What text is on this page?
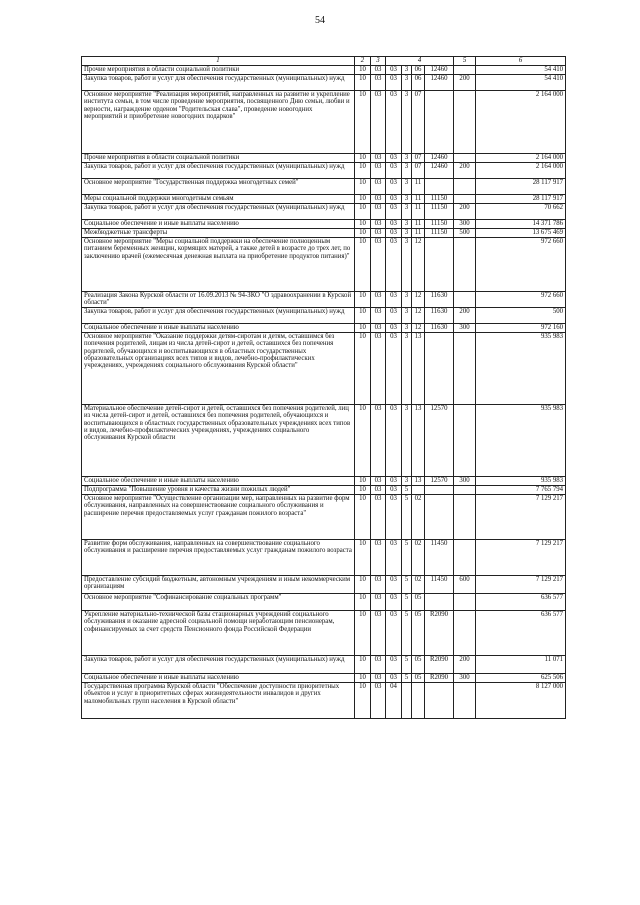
54
1	2	3	4				5	6
Прочие мероприятия в области социальной политики	10	03	03	3	06	12460		54 410
Закупка товаров, работ и услуг для обеспечения государственных (муниципальных) нужд	10	03	03	3	06	12460	200	54 410
Основное мероприятие "Реализация мероприятий, направленных на развитие и укрепление института семьи, в том числе проведение мероприятия, посвященного Дню семьи, любви и верности, награждение орденом "Родительская слава", проведение новогодних мероприятий и приобретение новогодних подарков"	10	03	03	3	07			2 164 000
Прочие мероприятия в области социальной политики	10	03	03	3	07	12460		2 164 000
Закупка товаров, работ и услуг для обеспечения государственных (муниципальных) нужд	10	03	03	3	07	12460	200	2 164 000
Основное мероприятие "Государственная поддержка многодетных семей"	10	03	03	3	11			28 117 917
Меры социальной поддержки многодетным семьям	10	03	03	3	11	11150		28 117 917
Закупка товаров, работ и услуг для обеспечения государственных (муниципальных) нужд	10	03	03	3	11	11150	200	70 662
Социальное обеспечение и иные выплаты населению	10	03	03	3	11	11150	300	14 371 786
Межбюджетные трансферты	10	03	03	3	11	11150	500	13 675 469
Основное мероприятие "Меры социальной поддержки на обеспечение полноценным питанием беременных женщин, кормящих матерей, а также детей в возрасте до трех лет, по заключению врачей (ежемесячная денежная выплата на приобретение продуктов питания)"	10	03	03	3	12			972 660
Реализация Закона Курской области от 16.09.2013 № 94-ЗКО "О здравоохранении в Курской области"	10	03	03	3	12	11630		972 660
Закупка товаров, работ и услуг для обеспечения государственных (муниципальных) нужд	10	03	03	3	12	11630	200	500
Социальное обеспечение и иные выплаты населению	10	03	03	3	12	11630	300	972 160
Основное мероприятие "Оказание поддержки детям-сиротам и детям, оставшимся без попечения родителей, лицам из числа детей-сирот и детей, оставшихся без попечения родителей, обучающихся и воспитывающихся в областных государственных образовательных организациях всех типов и видов, лечебно-профилактических учреждениях, учреждениях социального обслуживания Курской области"	10	03	03	3	13			935 983
Материальное обеспечение детей-сирот и детей, оставшихся без попечения родителей, лиц из числа детей-сирот и детей, оставшихся без попечения родителей, обучающихся и воспитывающихся в областных государственных образовательных учреждениях всех типов и видов, лечебно-профилактических учреждениях, учреждениях социального обслуживания Курской области	10	03	03	3	13	12570		935 983
Социальное обеспечение и иные выплаты населению	10	03	03	3	13	12570	300	935 983
Подпрограмма "Повышение уровня и качества жизни пожилых людей"	10	03	03	5				7 765 794
Основное мероприятие "Осуществление организации мер, направленных на развитие форм обслуживания, направленных на совершенствование социального обслуживания и расширение перечня предоставляемых услуг гражданам пожилого возраста"	10	03	03	5	02			7 129 217
Развитие форм обслуживания, направленных на совершенствование социального обслуживания и расширение перечня предоставляемых услуг гражданам пожилого возраста	10	03	03	5	02	11450		7 129 217
Предоставление субсидий бюджетным, автономным учреждениям и иным некоммерческим организациям	10	03	03	5	02	11450	600	7 129 217
Основное мероприятие "Софинансирование социальных программ"	10	03	03	5	05			636 577
Укрепление материально-технической базы стационарных учреждений социального обслуживания и оказание адресной социальной помощи неработающим пенсионерам, софинансируемых за счет средств Пенсионного фонда Российской Федерации	10	03	03	5	05	R2090		636 577
Закупка товаров, работ и услуг для обеспечения государственных (муниципальных) нужд	10	03	03	5	05	R2090	200	11 071
Социальное обеспечение и иные выплаты населению	10	03	03	5	05	R2090	300	625 506
Государственная программа Курской области "Обеспечение доступности приоритетных объектов и услуг в приоритетных сферах жизнедеятельности инвалидов и других маломобильных групп населения в Курской области"	10	03	04					8 127 000
